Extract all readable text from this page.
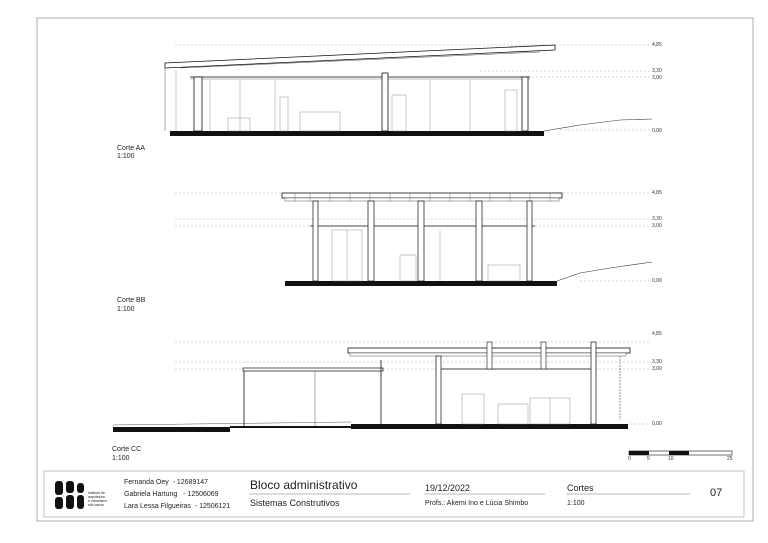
Corte AA
1:100
Corte BB
1:100
Corte CC
1:100
4,85
3,30
3,00
0,00
4,85
3,30
3,00
0,00
4,85
3,30
3,00
0,00
0	5	10	25
instituto de
arquitetura
e urbanismo
são carlos
Fernanda Oey - 12689147
Gabriela Hartung - 12506069
Lara Lessa Filgueiras - 12506121
Bloco administrativo
Sistemas Construtivos
19/12/2022
Profs.: Akemi Ino e Lúcia Shimbo
Cortes
1:100
07
